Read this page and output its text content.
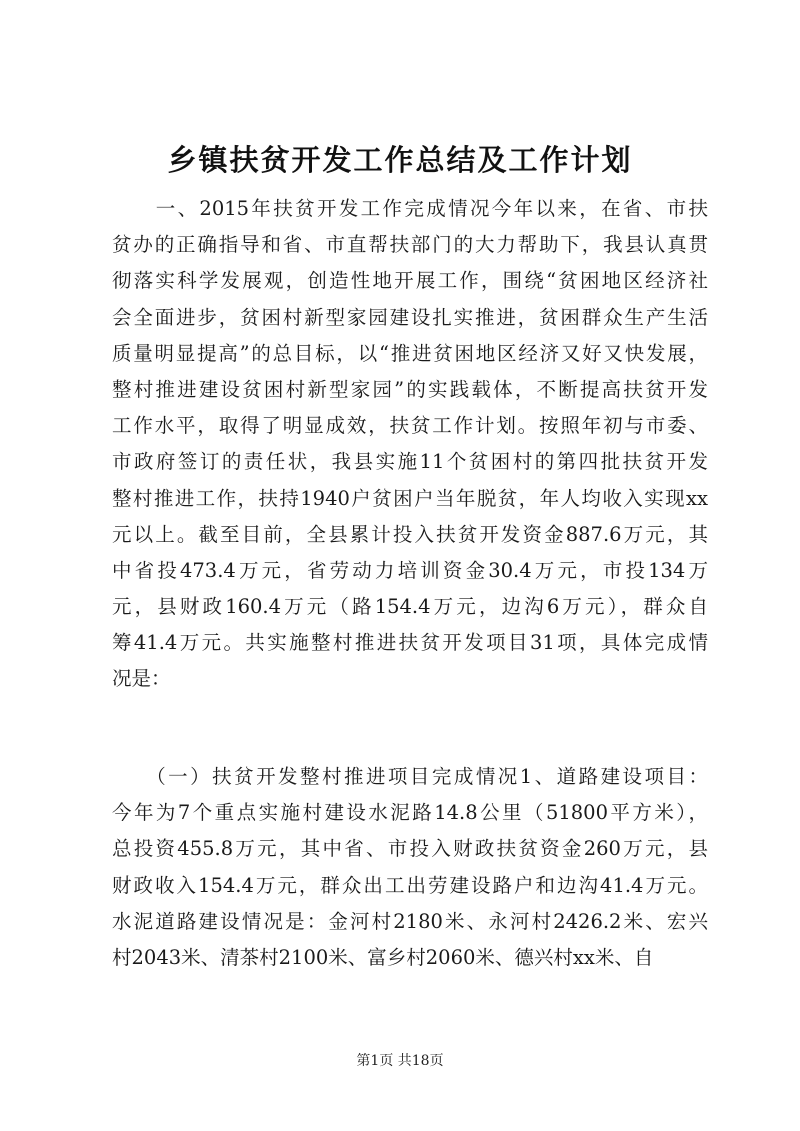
乡镇扶贫开发工作总结及工作计划
　　一、2015年扶贫开发工作完成情况今年以来，在省、市扶
贫办的正确指导和省、市直帮扶部门的大力帮助下，我县认真贯
彻落实科学发展观，创造性地开展工作，围绕“贫困地区经济社
会全面进步，贫困村新型家园建设扎实推进，贫困群众生产生活
质量明显提高”的总目标，以“推进贫困地区经济又好又快发展，
整村推进建设贫困村新型家园”的实践载体，不断提高扶贫开发
工作水平，取得了明显成效，扶贫工作计划。按照年初与市委、
市政府签订的责任状，我县实施11个贫困村的第四批扶贫开发
整村推进工作，扶持1940户贫困户当年脱贫，年人均收入实现xx
元以上。截至目前，全县累计投入扶贫开发资金887.6万元，其
中省投473.4万元，省劳动力培训资金30.4万元，市投134万
元，县财政160.4万元（路154.4万元，边沟6万元），群众自
筹41.4万元。共实施整村推进扶贫开发项目31项，具体完成情
况是：
　　（一）扶贫开发整村推进项目完成情况1、道路建设项目：
今年为7个重点实施村建设水泥路14.8公里（51800平方米），
总投资455.8万元，其中省、市投入财政扶贫资金260万元，县
财政收入154.4万元，群众出工出劳建设路户和边沟41.4万元。
水泥道路建设情况是：金河村2180米、永河村2426.2米、宏兴
村2043米、清茶村2100米、富乡村2060米、德兴村xx米、自
第1页 共18页
